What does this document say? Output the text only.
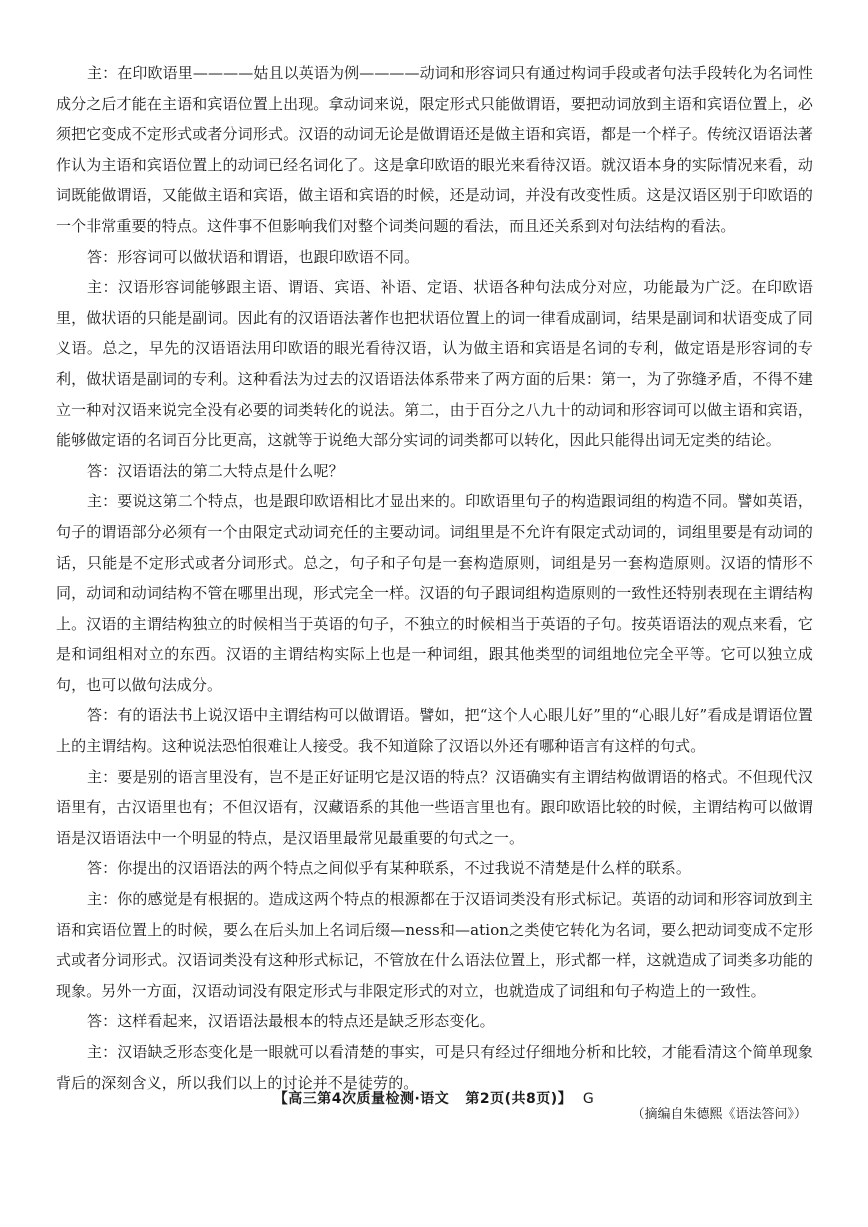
主：在印欧语里————姑且以英语为例————动词和形容词只有通过构词手段或者句法手段转化为名词性成分之后才能在主语和宾语位置上出现。拿动词来说，限定形式只能做谓语，要把动词放到主语和宾语位置上，必须把它变成不定形式或者分词形式。汉语的动词无论是做谓语还是做主语和宾语，都是一个样子。传统汉语语法著作认为主语和宾语位置上的动词已经名词化了。这是拿印欧语的眼光来看待汉语。就汉语本身的实际情况来看，动词既能做谓语，又能做主语和宾语，做主语和宾语的时候，还是动词，并没有改变性质。这是汉语区别于印欧语的一个非常重要的特点。这件事不但影响我们对整个词类问题的看法，而且还关系到对句法结构的看法。

答：形容词可以做状语和谓语，也跟印欧语不同。

主：汉语形容词能够跟主语、谓语、宾语、补语、定语、状语各种句法成分对应，功能最为广泛。在印欧语里，做状语的只能是副词。因此有的汉语语法著作也把状语位置上的词一律看成副词，结果是副词和状语变成了同义语。总之，早先的汉语语法用印欧语的眼光看待汉语，认为做主语和宾语是名词的专利，做定语是形容词的专利，做状语是副词的专利。这种看法为过去的汉语语法体系带来了两方面的后果：第一，为了弥缝矛盾，不得不建立一种对汉语来说完全没有必要的词类转化的说法。第二，由于百分之八九十的动词和形容词可以做主语和宾语，能够做定语的名词百分比更高，这就等于说绝大部分实词的词类都可以转化，因此只能得出词无定类的结论。

答：汉语语法的第二大特点是什么呢？

主：要说这第二个特点，也是跟印欧语相比才显出来的。印欧语里句子的构造跟词组的构造不同。譬如英语，句子的谓语部分必须有一个由限定式动词充任的主要动词。词组里是不允许有限定式动词的，词组里要是有动词的话，只能是不定形式或者分词形式。总之，句子和子句是一套构造原则，词组是另一套构造原则。汉语的情形不同，动词和动词结构不管在哪里出现，形式完全一样。汉语的句子跟词组构造原则的一致性还特别表现在主谓结构上。汉语的主谓结构独立的时候相当于英语的句子，不独立的时候相当于英语的子句。按英语语法的观点来看，它是和词组相对立的东西。汉语的主谓结构实际上也是一种词组，跟其他类型的词组地位完全平等。它可以独立成句，也可以做句法成分。

答：有的语法书上说汉语中主谓结构可以做谓语。譬如，把“这个人心眼儿好”里的“心眼儿好”看成是谓语位置上的主谓结构。这种说法恐怕很难让人接受。我不知道除了汉语以外还有哪种语言有这样的句式。

主：要是别的语言里没有，岂不是正好证明它是汉语的特点？汉语确实有主谓结构做谓语的格式。不但现代汉语里有，古汉语里也有；不但汉语有，汉藏语系的其他一些语言里也有。跟印欧语比较的时候，主谓结构可以做谓语是汉语语法中一个明显的特点，是汉语里最常见最重要的句式之一。

答：你提出的汉语语法的两个特点之间似乎有某种联系，不过我说不清楚是什么样的联系。

主：你的感觉是有根据的。造成这两个特点的根源都在于汉语词类没有形式标记。英语的动词和形容词放到主语和宾语位置上的时候，要么在后头加上名词后缀—ness和—ation之类使它转化为名词，要么把动词变成不定形式或者分词形式。汉语词类没有这种形式标记，不管放在什么语法位置上，形式都一样，这就造成了词类多功能的现象。另外一方面，汉语动词没有限定形式与非限定形式的对立，也就造成了词组和句子构造上的一致性。

答：这样看起来，汉语语法最根本的特点还是缺乏形态变化。

主：汉语缺乏形态变化是一眼就可以看清楚的事实，可是只有经过仔细地分析和比较，才能看清这个简单现象背后的深刻含义，所以我们以上的讨论并不是徒劳的。

（摘编自朱德熙《语法答问》）

【高三第4次质量检测·语文 第2页(共8页)】 G
